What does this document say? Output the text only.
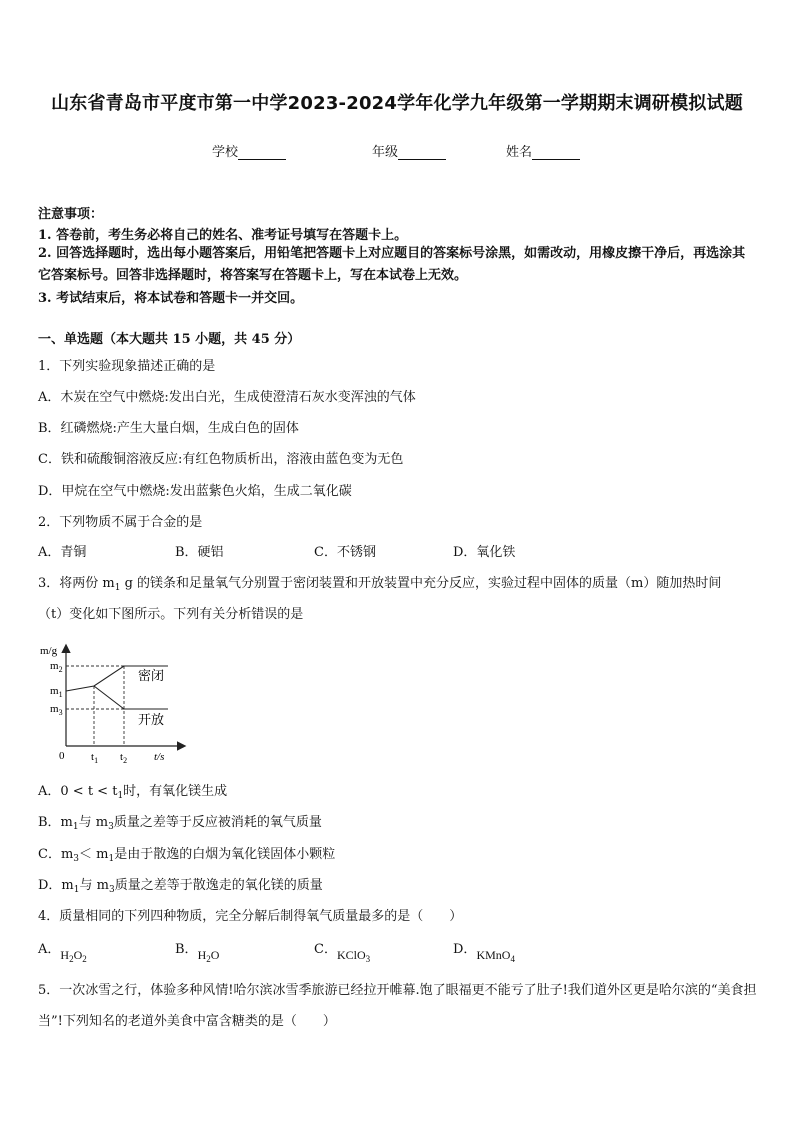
山东省青岛市平度市第一中学2023-2024学年化学九年级第一学期期末调研模拟试题
学校	年级	姓名
注意事项：
1. 答卷前，考生务必将自己的姓名、准考证号填写在答题卡上。
2. 回答选择题时，选出每小题答案后，用铅笔把答题卡上对应题目的答案标号涂黑，如需改动，用橡皮擦干净后，再选涂其它答案标号。回答非选择题时，将答案写在答题卡上，写在本试卷上无效。
3. 考试结束后，将本试卷和答题卡一并交回。
一、单选题（本大题共 15 小题，共 45 分）
1．下列实验现象描述正确的是
A．木炭在空气中燃烧:发出白光，生成使澄清石灰水变浑浊的气体
B．红磷燃烧:产生大量白烟，生成白色的固体
C．铁和硫酸铜溶液反应:有红色物质析出，溶液由蓝色变为无色
D．甲烷在空气中燃烧:发出蓝紫色火焰，生成二氧化碳
2．下列物质不属于合金的是
A．青铜	B．硬铝	C．不锈钢	D．氧化铁
3．将两份 $m_1$ g 的镁条和足量氧气分别置于密闭装置和开放装置中充分反应，实验过程中固体的质量（m）随加热时间
（t）变化如下图所示。下列有关分析错误的是
m/g
$m_2$
$m_1$
$m_3$
0 $t_1$ $t_2$ t/s
密闭
开放
A．$0 < t < t_1$时，有氧化镁生成
B．$m_1$与 $m_3$质量之差等于反应被消耗的氧气质量
C．$m_3< m_1$是由于散逸的白烟为氧化镁固体小颗粒
D．$m_1$与 $m_3$质量之差等于散逸走的氧化镁的质量
4．质量相同的下列四种物质，完全分解后制得氧气质量最多的是（　　）
A．$H_2O_2$
B．$H_2O$	C．KClO$_3$
D．KMnO$_4$
5．一次冰雪之行，体验多种风情!哈尔滨冰雪季旅游已经拉开帷幕.饱了眼福更不能亏了肚子!我们道外区更是哈尔滨的“美食担当”!下列知名的老道外美食中富含糖类的是（　　）
